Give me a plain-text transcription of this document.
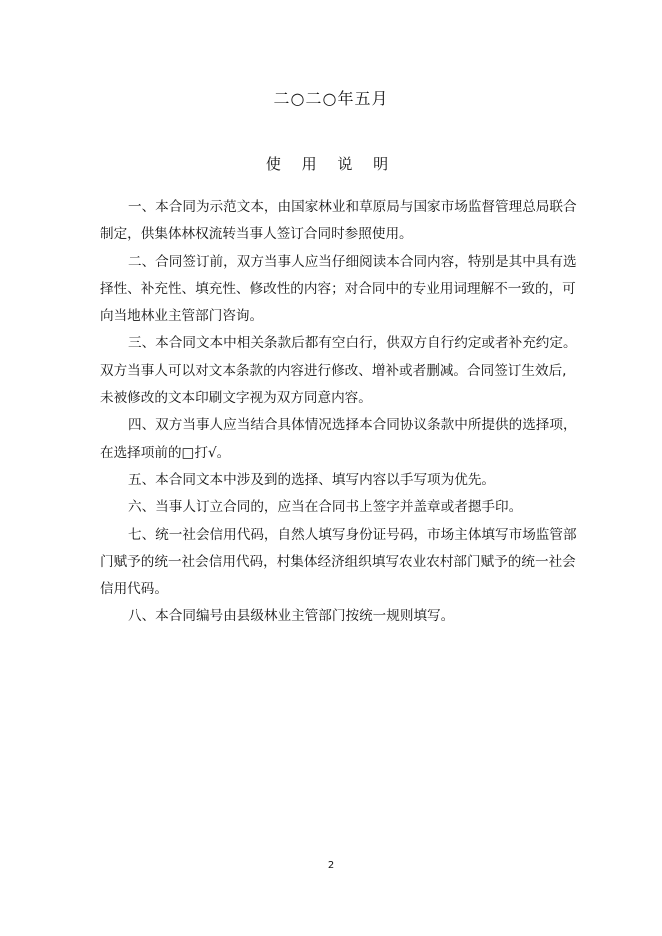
二○二○年五月
使 用 说 明
一、本合同为示范文本，由国家林业和草原局与国家市场监督管理总局联合
制定，供集体林权流转当事人签订合同时参照使用。
二、合同签订前，双方当事人应当仔细阅读本合同内容，特别是其中具有选
择性、补充性、填充性、修改性的内容；对合同中的专业用词理解不一致的，可
向当地林业主管部门咨询。
三、本合同文本中相关条款后都有空白行，供双方自行约定或者补充约定。
双方当事人可以对文本条款的内容进行修改、增补或者删减。合同签订生效后,
未被修改的文本印刷文字视为双方同意内容。
四、双方当事人应当结合具体情况选择本合同协议条款中所提供的选择项，
在选择项前的□打√。
五、本合同文本中涉及到的选择、填写内容以手写项为优先。
六、当事人订立合同的，应当在合同书上签字并盖章或者摁手印。
七、统一社会信用代码，自然人填写身份证号码，市场主体填写市场监管部
门赋予的统一社会信用代码，村集体经济组织填写农业农村部门赋予的统一社会
信用代码。
八、本合同编号由县级林业主管部门按统一规则填写。
2
